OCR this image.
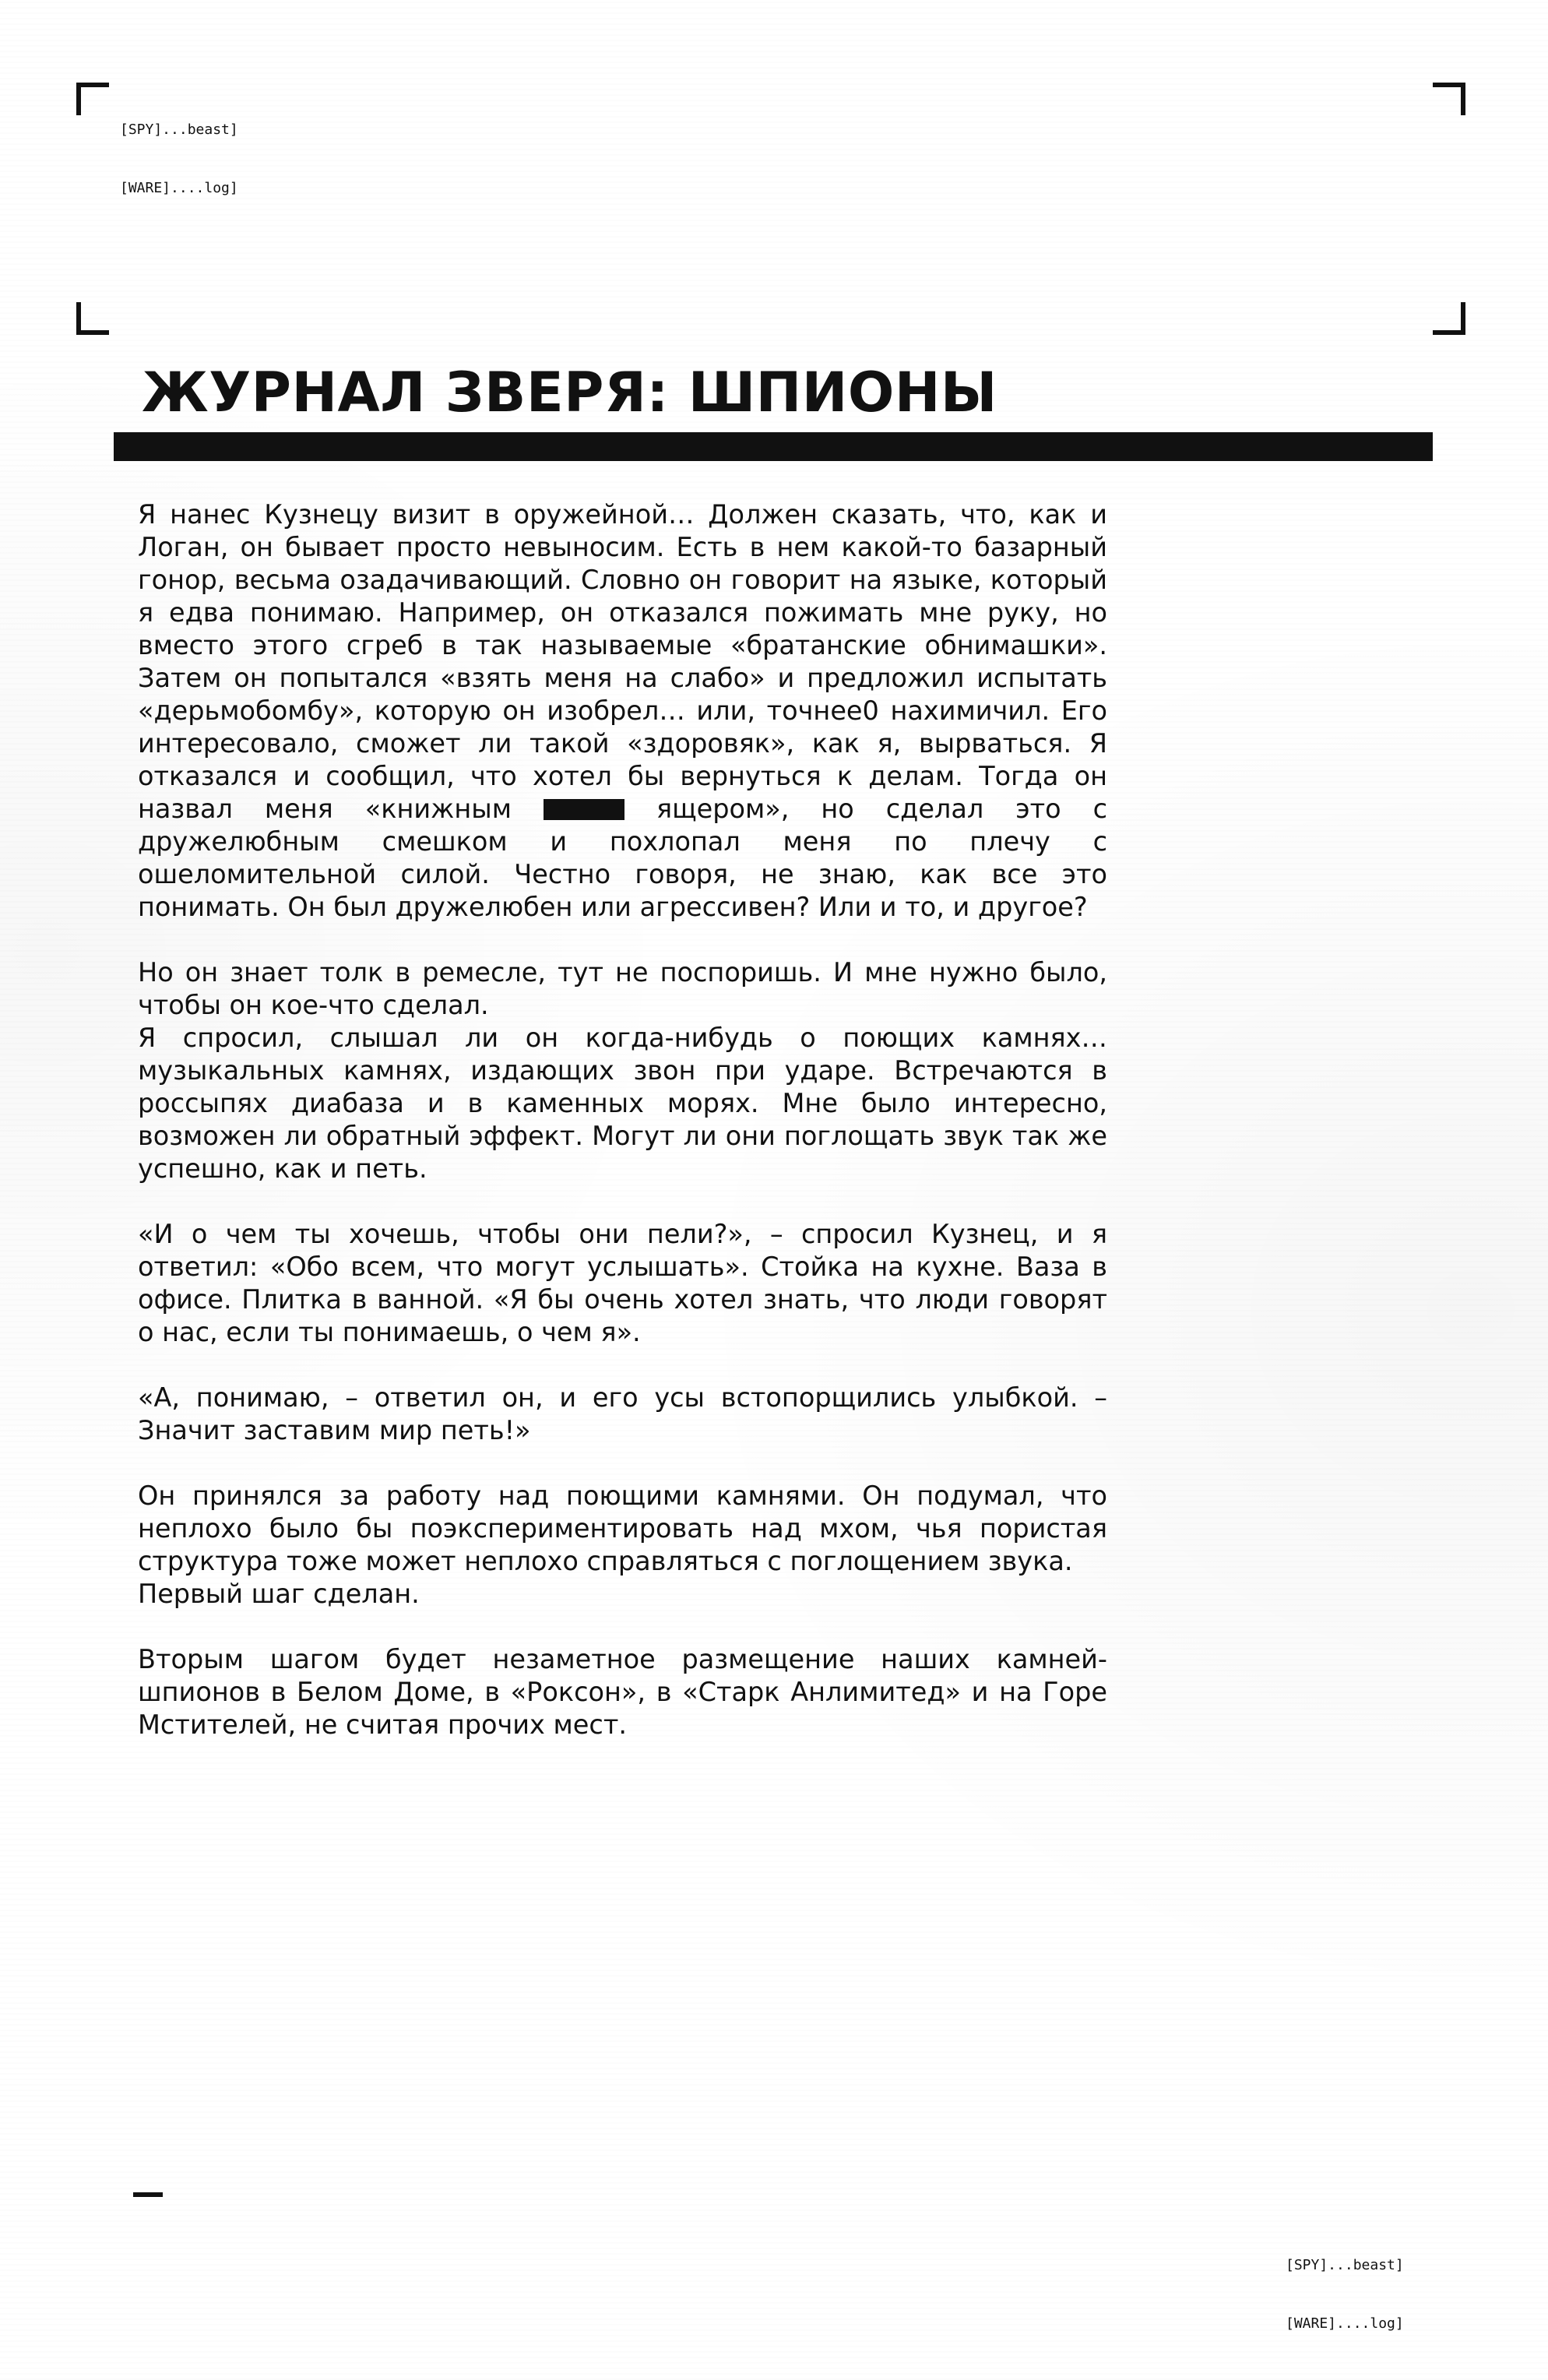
[SPY]...beast]

[WARE]....log]

ЖУРНАЛ ЗВЕРЯ: ШПИОНЫ

Я нанес Кузнецу визит в оружейной… Должен сказать, что, как и Логан, он бывает просто невыносим. Есть в нем какой-то базарный гонор, весьма озадачивающий. Словно он говорит на языке, который я едва понимаю. Например, он отказался пожимать мне руку, но вместо этого сгреб в так называемые «братанские обнимашки». Затем он попытался «взять меня на слабо» и предложил испытать «дерьмобомбу», которую он изобрел… или, точнее0 нахимичил. Его интересовало, сможет ли такой «здоровяк», как я, вырваться. Я отказался и сообщил, что хотел бы вернуться к делам. Тогда он назвал меня «книжным	ящером», но сделал это с дружелюбным смешком и похлопал меня по плечу с ошеломительной силой. Честно говоря, не знаю, как все это понимать. Он был дружелюбен или агрессивен? Или и то, и другое?

Но он знает толк в ремесле, тут не поспоришь. И мне нужно было, чтобы он кое-что сделал.

Я спросил, слышал ли он когда-нибудь о поющих камнях… музыкальных камнях, издающих звон при ударе. Встречаются в россыпях диабаза и в каменных морях. Мне было интересно, возможен ли обратный эффект. Могут ли они поглощать звук так же успешно, как и петь.

«И о чем ты хочешь, чтобы они пели?», – спросил Кузнец, и я ответил: «Обо всем, что могут услышать». Стойка на кухне. Ваза в офисе. Плитка в ванной. «Я бы очень хотел знать, что люди говорят о нас, если ты понимаешь, о чем я».

«А, понимаю, – ответил он, и его усы встопорщились улыбкой. – Значит заставим мир петь!»

Он принялся за работу над поющими камнями. Он подумал, что неплохо было бы поэкспериментировать над мхом, чья пористая структура тоже может неплохо справляться с поглощением звука.

Первый шаг сделан.

Вторым шагом будет незаметное размещение наших камней-шпионов в Белом Доме, в «Роксон», в «Старк Анлимитед» и на Горе Мстителей, не считая прочих мест.

[SPY]...beast]

[WARE]....log]
